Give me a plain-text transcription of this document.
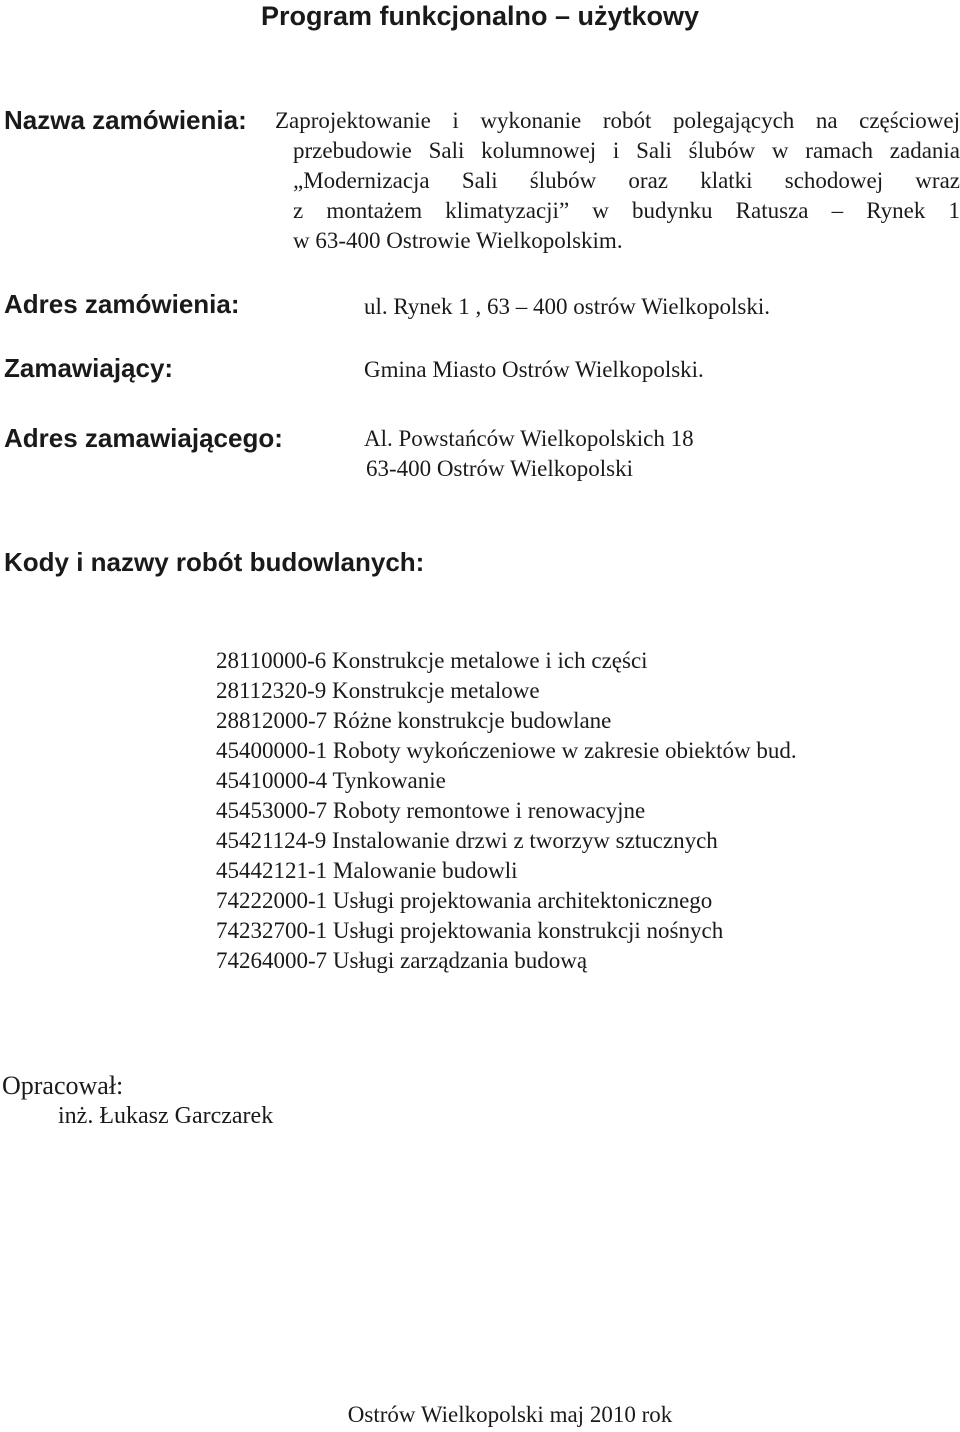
Program funkcjonalno – użytkowy
Nazwa zamówienia: Zaprojektowanie i wykonanie robót polegających na częściowej
przebudowie Sali kolumnowej i Sali ślubów w ramach zadania
„Modernizacja Sali ślubów oraz klatki schodowej wraz
z montażem klimatyzacji” w budynku Ratusza – Rynek 1
w 63-400 Ostrowie Wielkopolskim.
Adres zamówienia:	ul. Rynek 1 , 63 – 400 ostrów Wielkopolski.
Zamawiający:	Gmina Miasto Ostrów Wielkopolski.
Adres zamawiającego:	Al. Powstańców Wielkopolskich 18
63-400 Ostrów Wielkopolski
Kody i nazwy robót budowlanych:
28110000-6 Konstrukcje metalowe i ich części
28112320-9 Konstrukcje metalowe
28812000-7 Różne konstrukcje budowlane
45400000-1 Roboty wykończeniowe w zakresie obiektów bud.
45410000-4 Tynkowanie
45453000-7 Roboty remontowe i renowacyjne
45421124-9 Instalowanie drzwi z tworzyw sztucznych
45442121-1 Malowanie budowli
74222000-1 Usługi projektowania architektonicznego
74232700-1 Usługi projektowania konstrukcji nośnych
74264000-7 Usługi zarządzania budową
Opracował:
inż. Łukasz Garczarek
Ostrów Wielkopolski maj 2010 rok
